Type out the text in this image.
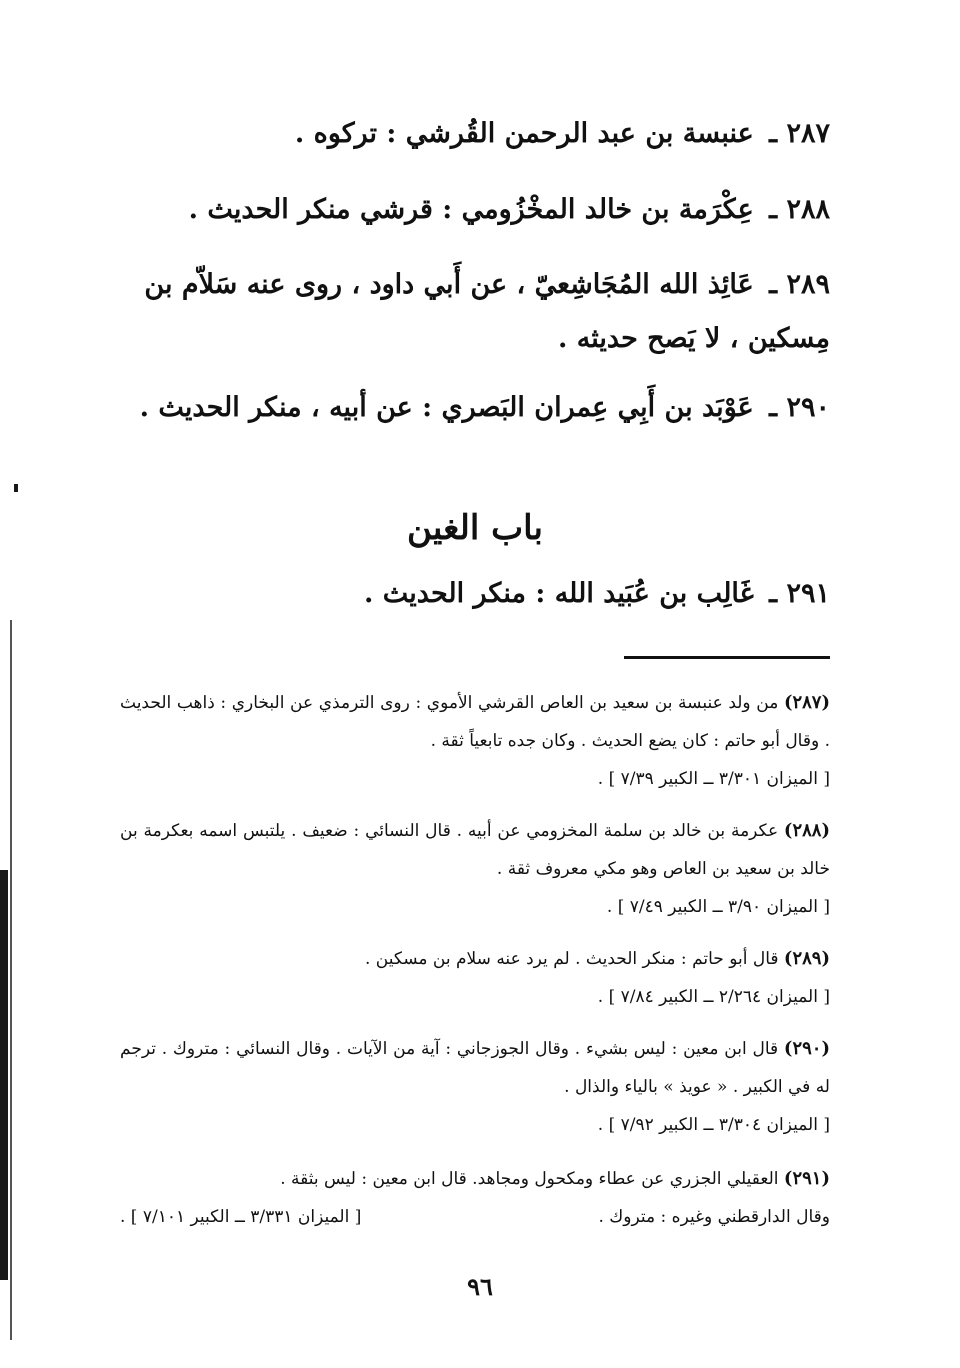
٢٨٧ ـ عنبسة بن عبد الرحمن القُرشي : تركوه .
٢٨٨ ـ عِكْرَمة بن خالد المخْزُومي : قرشي منكر الحديث .
٢٨٩ ـ عَائِذ الله المُجَاشِعيّ ، عن أَبي داود ، روى عنه سَلاّم بن مِسكين ، لا يَصح حديثه .
٢٩٠ ـ عَوْبَد بن أَبِي عِمران البَصري : عن أبيه ، منكر الحديث .
باب الغين
٢٩١ ـ غَالِب بن عُبَيد الله : منكر الحديث .
(٢٨٧) من ولد عنبسة بن سعيد بن العاص القرشي الأموي : روى الترمذي عن البخاري : ذاهب الحديث . وقال أبو حاتم : كان يضع الحديث . وكان جده تابعياً ثقة .
[ الميزان ٣/٣٠١ ــ الكبير ٧/٣٩ ] .
(٢٨٨) عكرمة بن خالد بن سلمة المخزومي عن أبيه . قال النسائي : ضعيف . يلتبس اسمه بعكرمة بن خالد بن سعيد بن العاص وهو مكي معروف ثقة .
[ الميزان ٣/٩٠ ــ الكبير ٧/٤٩ ] .
(٢٨٩) قال أبو حاتم : منكر الحديث . لم يرد عنه سلام بن مسكين .
[ الميزان ٢/٢٦٤ ــ الكبير ٧/٨٤ ] .
(٢٩٠) قال ابن معين : ليس بشيء . وقال الجوزجاني : آية من الآيات . وقال النسائي : متروك . ترجم له في الكبير . « عويذ » بالياء والذال .
[ الميزان ٣/٣٠٤ ــ الكبير ٧/٩٢ ] .
(٢٩١) العقيلي الجزري عن عطاء ومكحول ومجاهد. قال ابن معين : ليس بثقة .
وقال الدارقطني وغيره : متروك .
[ الميزان ٣/٣٣١ ــ الكبير ٧/١٠١ ] .
٩٦
